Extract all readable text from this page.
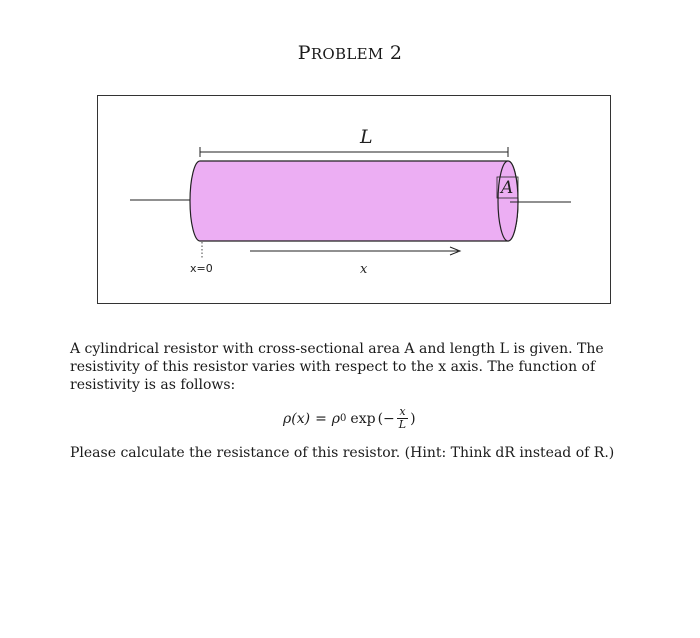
PROBLEM 2
A
L
x=0	x
A cylindrical resistor with cross-sectional area A and length L is given. The resistivity of this resistor varies with respect to the x axis. The function of resistivity is as follows:
ρ(x) = ρ 0 exp (− $\frac{x}{L}$ )
Please calculate the resistance of this resistor. (Hint: Think dR instead of R.)
